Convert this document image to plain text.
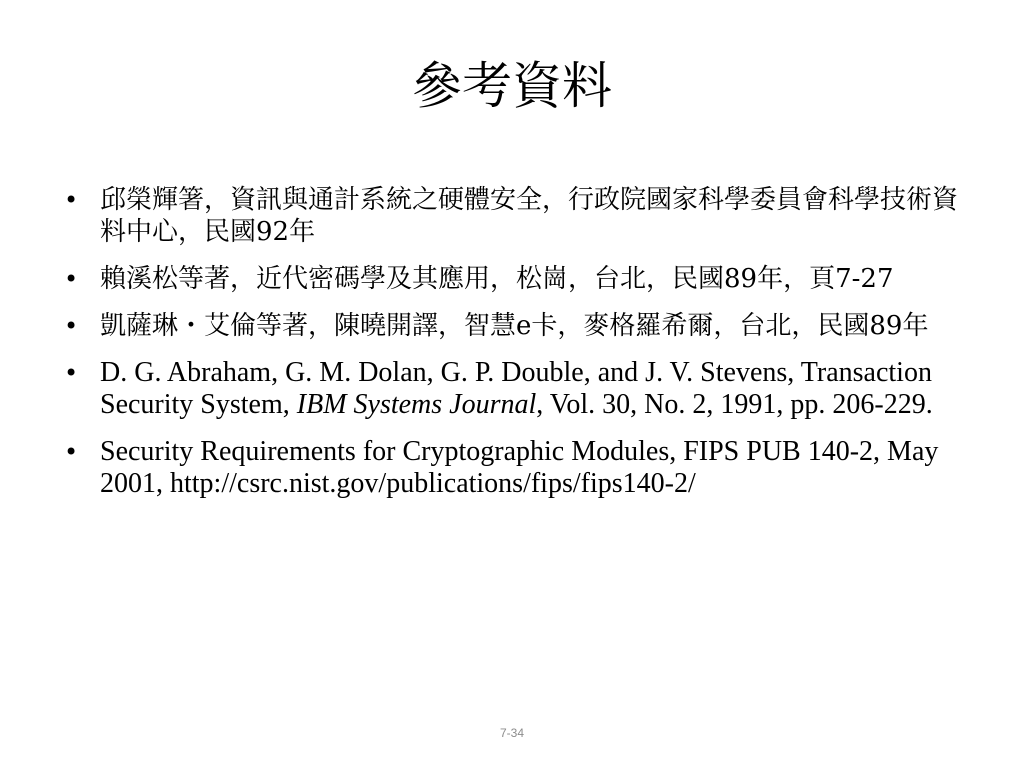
參考資料
• 邱榮輝箸，資訊與通計系統之硬體安全，行政院國家科學委員會科學技術資料中心，民國92年
• 賴溪松等著，近代密碼學及其應用，松崗，台北，民國89年，頁7-27
• 凱薩琳・艾倫等著，陳曉開譯，智慧e卡，麥格羅希爾，台北，民國89年
• D. G. Abraham, G. M. Dolan, G. P. Double, and J. V. Stevens, Transaction Security System, IBM Systems Journal, Vol. 30, No. 2, 1991, pp. 206-229.
• Security Requirements for Cryptographic Modules, FIPS PUB 140-2, May 2001, http://csrc.nist.gov/publications/fips/fips140-2/
7-34
